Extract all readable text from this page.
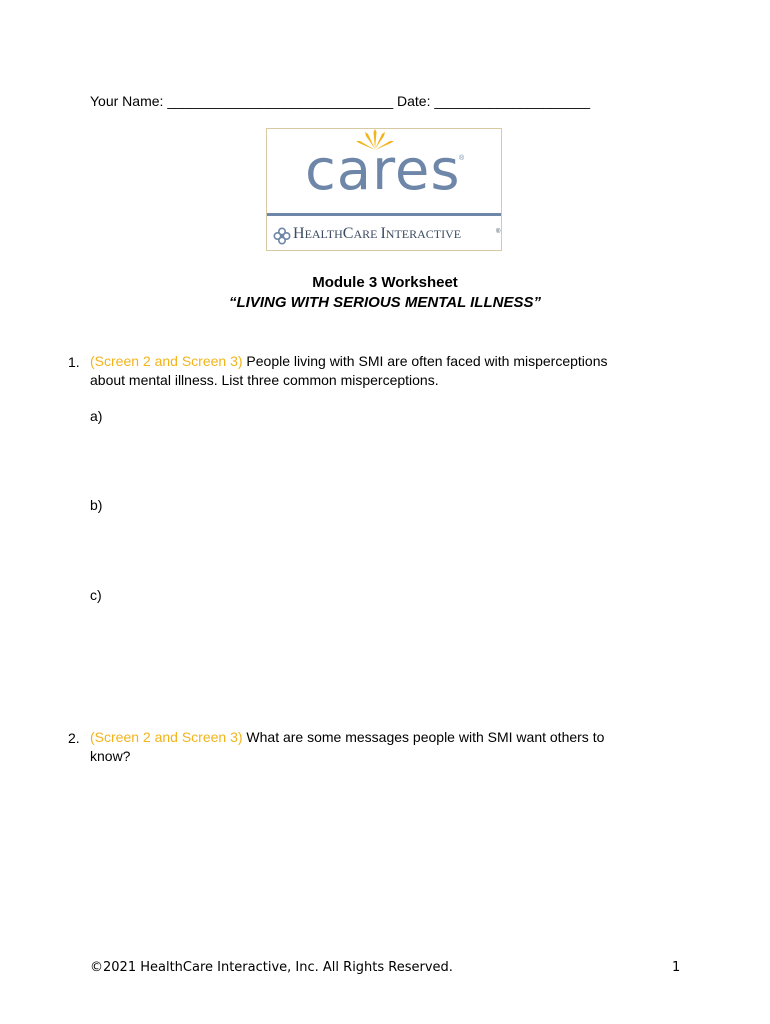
Your Name: _____________________________ Date: ____________________
cares
®
HEALTHCARE INTERACTIVE	®
Module 3 Worksheet
“LIVING WITH SERIOUS MENTAL ILLNESS”
1. (Screen 2 and Screen 3) People living with SMI are often faced with misperceptions
about mental illness. List three common misperceptions.
a)
b)
c)
2. (Screen 2 and Screen 3) What are some messages people with SMI want others to
know?
©2021 HealthCare Interactive, Inc. All Rights Reserved.	1
